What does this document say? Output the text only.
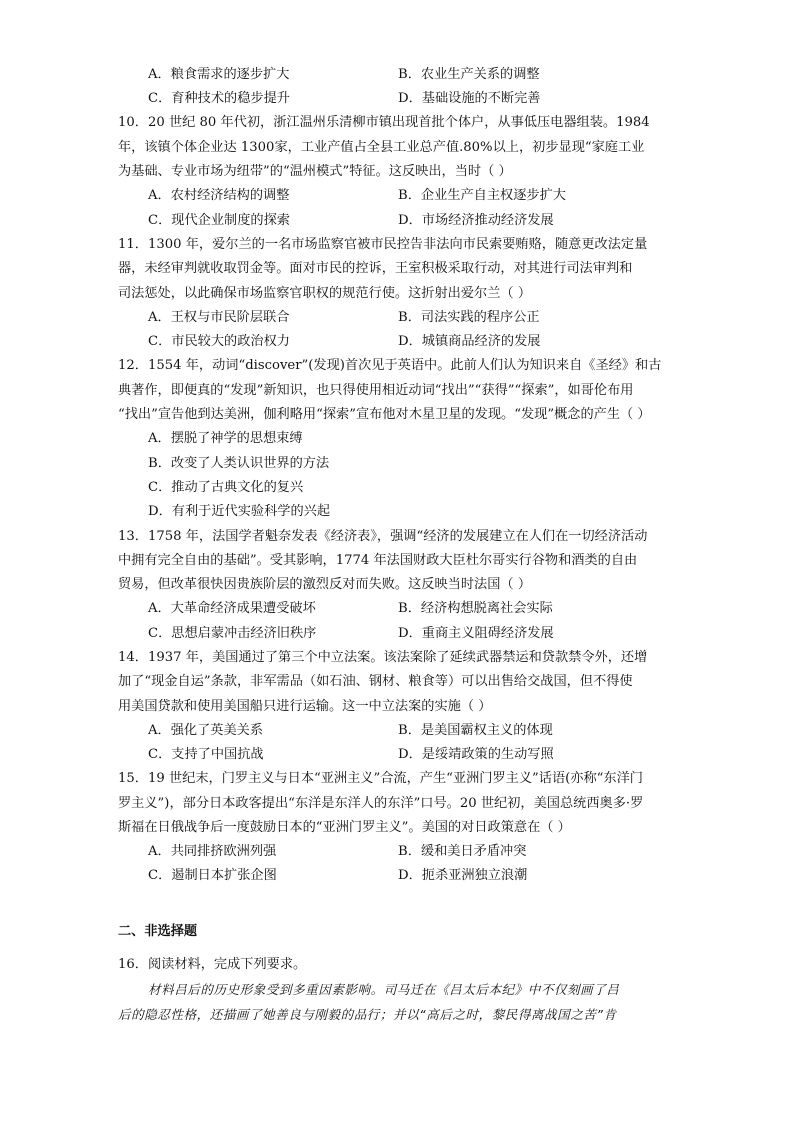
A．粮食需求的逐步扩大	B．农业生产关系的调整
C．育种技术的稳步提升	D．基础设施的不断完善
10．20 世纪 80 年代初，浙江温州乐清柳市镇出现首批个体户，从事低压电器组装。1984
年，该镇个体企业达 1300家，工业产值占全县工业总产值.80%以上，初步显现“家庭工业
为基础、专业市场为纽带”的“温州模式”特征。这反映出，当时（ ）
A．农村经济结构的调整	B．企业生产自主权逐步扩大
C．现代企业制度的探索	D．市场经济推动经济发展
11．1300 年，爱尔兰的一名市场监察官被市民控告非法向市民索要贿赂，随意更改法定量
器，未经审判就收取罚金等。面对市民的控诉，王室积极采取行动，对其进行司法审判和
司法惩处，以此确保市场监察官职权的规范行使。这折射出爱尔兰（ ）
A．王权与市民阶层联合	B．司法实践的程序公正
C．市民较大的政治权力	D．城镇商品经济的发展
12．1554 年，动词“discover”(发现)首次见于英语中。此前人们认为知识来自《圣经》和古
典著作，即便真的“发现”新知识，也只得使用相近动词“找出”“获得”“探索”，如哥伦布用
“找出”宣告他到达美洲，伽利略用“探索”宣布他对木星卫星的发现。“发现”概念的产生（ ）
A．摆脱了神学的思想束缚
B．改变了人类认识世界的方法
C．推动了古典文化的复兴
D．有利于近代实验科学的兴起
13．1758 年，法国学者魁奈发表《经济表》，强调“经济的发展建立在人们在一切经济活动
中拥有完全自由的基础”。受其影响，1774 年法国财政大臣杜尔哥实行谷物和酒类的自由
贸易，但改革很快因贵族阶层的激烈反对而失败。这反映当时法国（ ）
A．大革命经济成果遭受破坏	B．经济构想脱离社会实际
C．思想启蒙冲击经济旧秩序	D．重商主义阻碍经济发展
14．1937 年，美国通过了第三个中立法案。该法案除了延续武器禁运和贷款禁令外，还增
加了“现金自运”条款，非军需品（如石油、钢材、粮食等）可以出售给交战国，但不得使
用美国贷款和使用美国船只进行运输。这一中立法案的实施（ ）
A．强化了英美关系	B．是美国霸权主义的体现
C．支持了中国抗战	D．是绥靖政策的生动写照
15．19 世纪末，门罗主义与日本“亚洲主义”合流，产生“亚洲门罗主义”话语(亦称“东洋门
罗主义”)，部分日本政客提出“东洋是东洋人的东洋”口号。20 世纪初，美国总统西奥多·罗
斯福在日俄战争后一度鼓励日本的“亚洲门罗主义”。美国的对日政策意在（ ）
A．共同排挤欧洲列强	B．缓和美日矛盾冲突
C．遏制日本扩张企图	D．扼杀亚洲独立浪潮
二、非选择题
16．阅读材料，完成下列要求。
材料吕后的历史形象受到多重因素影响。司马迁在《吕太后本纪》中不仅刻画了吕
后的隐忍性格，还描画了她善良与刚毅的品行；并以“高后之时，黎民得离战国之苦”肯
